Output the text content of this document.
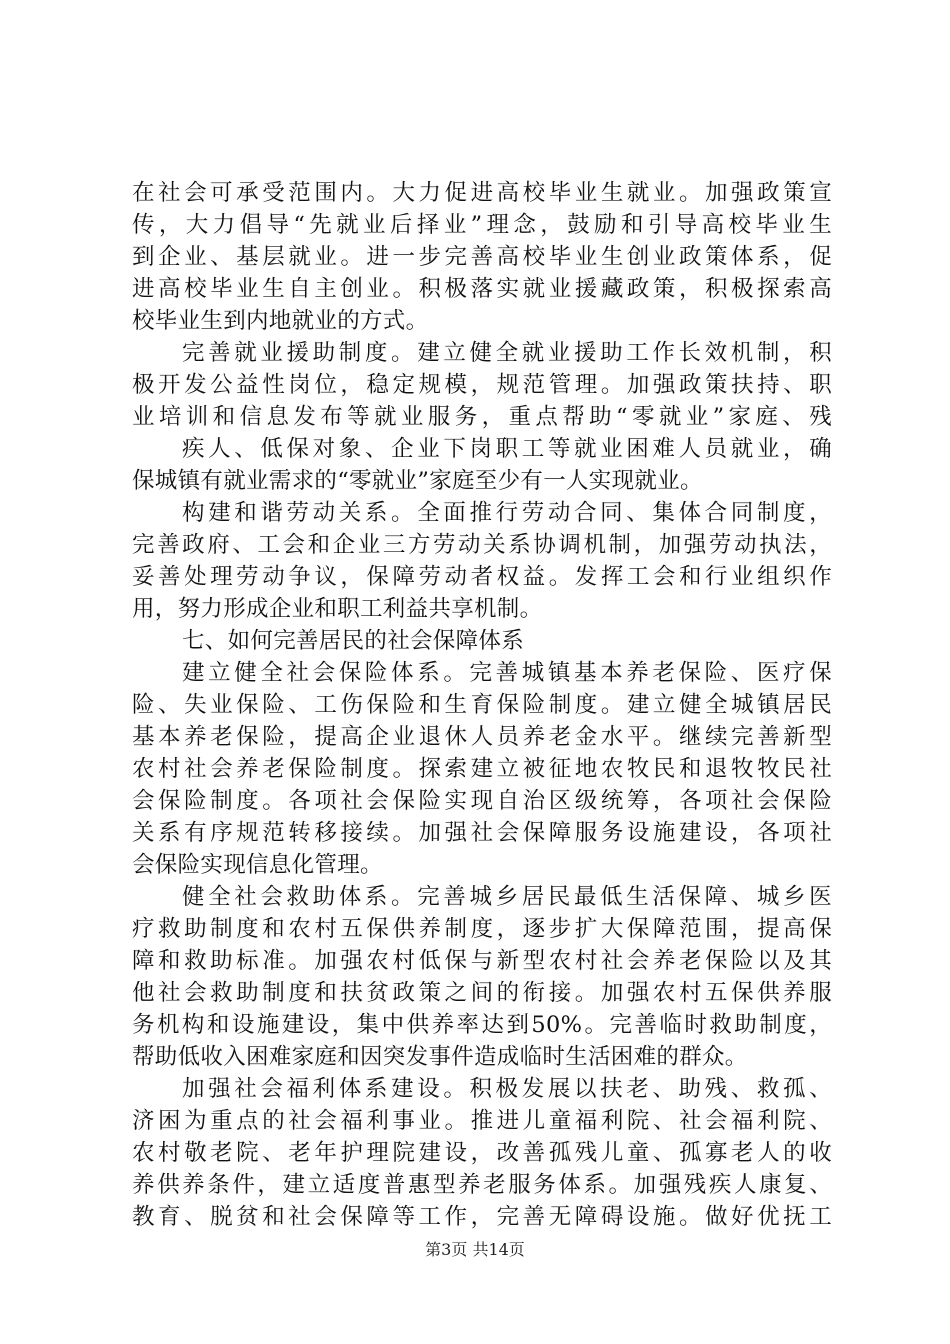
在社会可承受范围内。大力促进高校毕业生就业。加强政策宣
传，大力倡导“先就业后择业”理念，鼓励和引导高校毕业生
到企业、基层就业。进一步完善高校毕业生创业政策体系，促
进高校毕业生自主创业。积极落实就业援藏政策，积极探索高
校毕业生到内地就业的方式。
完善就业援助制度。建立健全就业援助工作长效机制，积
极开发公益性岗位，稳定规模，规范管理。加强政策扶持、职
业培训和信息发布等就业服务，重点帮助“零就业”家庭、残
疾人、低保对象、企业下岗职工等就业困难人员就业，确
保城镇有就业需求的“零就业”家庭至少有一人实现就业。
构建和谐劳动关系。全面推行劳动合同、集体合同制度，
完善政府、工会和企业三方劳动关系协调机制，加强劳动执法，
妥善处理劳动争议，保障劳动者权益。发挥工会和行业组织作
用，努力形成企业和职工利益共享机制。
七、如何完善居民的社会保障体系
建立健全社会保险体系。完善城镇基本养老保险、医疗保
险、失业保险、工伤保险和生育保险制度。建立健全城镇居民
基本养老保险，提高企业退休人员养老金水平。继续完善新型
农村社会养老保险制度。探索建立被征地农牧民和退牧牧民社
会保险制度。各项社会保险实现自治区级统筹，各项社会保险
关系有序规范转移接续。加强社会保障服务设施建设，各项社
会保险实现信息化管理。
健全社会救助体系。完善城乡居民最低生活保障、城乡医
疗救助制度和农村五保供养制度，逐步扩大保障范围，提高保
障和救助标准。加强农村低保与新型农村社会养老保险以及其
他社会救助制度和扶贫政策之间的衔接。加强农村五保供养服
务机构和设施建设，集中供养率达到50%。完善临时救助制度，
帮助低收入困难家庭和因突发事件造成临时生活困难的群众。
加强社会福利体系建设。积极发展以扶老、助残、救孤、
济困为重点的社会福利事业。推进儿童福利院、社会福利院、
农村敬老院、老年护理院建设，改善孤残儿童、孤寡老人的收
养供养条件，建立适度普惠型养老服务体系。加强残疾人康复、
教育、脱贫和社会保障等工作，完善无障碍设施。做好优抚工
第3页 共14页
